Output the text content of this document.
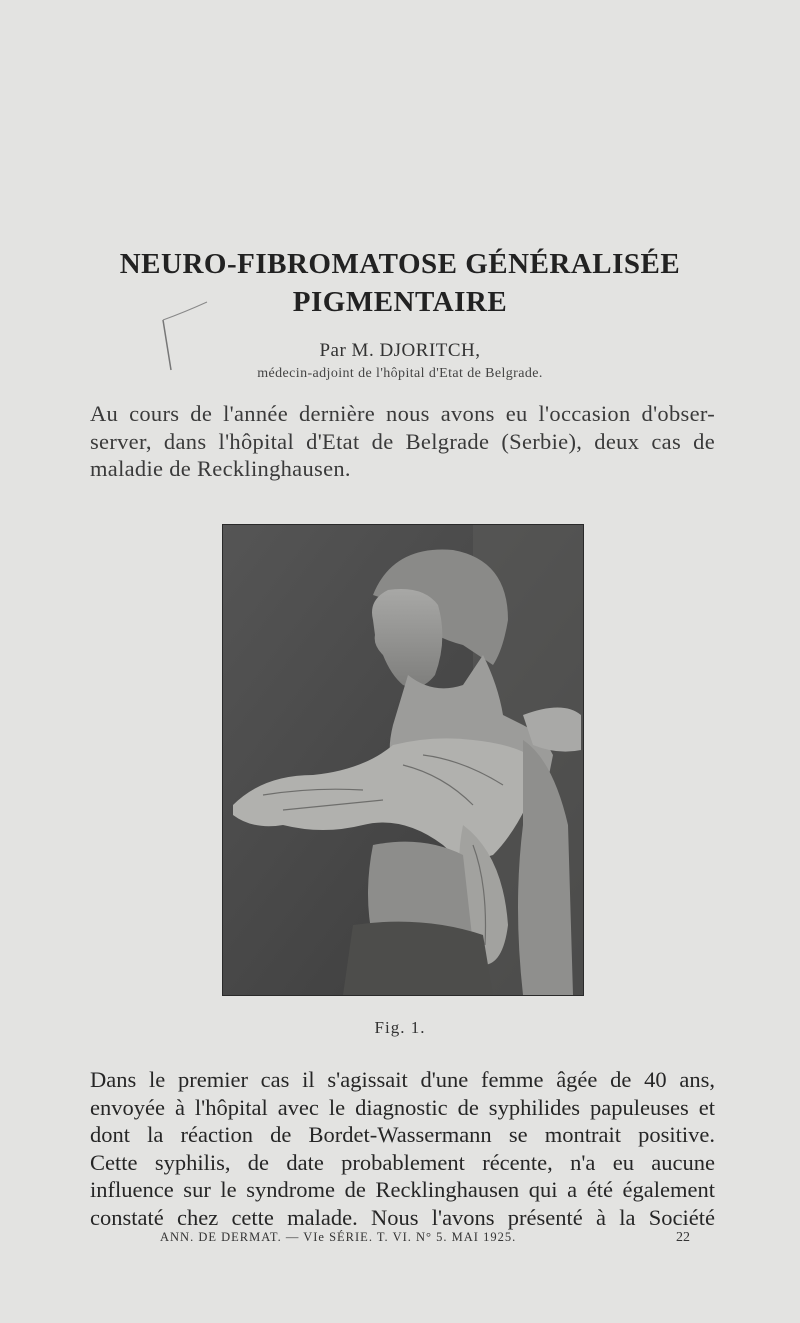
NEURO-FIBROMATOSE GÉNÉRALISÉE
PIGMENTAIRE
Par M. DJORITCH,
médecin-adjoint de l'hôpital d'Etat de Belgrade.
Au cours de l'année dernière nous avons eu l'occasion d'obser-
server, dans l'hôpital d'Etat de Belgrade (Serbie), deux cas de
maladie de Recklinghausen.
Fig. 1.
Dans le premier cas il s'agissait d'une femme âgée de 40 ans,
envoyée à l'hôpital avec le diagnostic de syphilides papuleuses et
dont la réaction de Bordet-Wassermann se montrait positive.
Cette syphilis, de date probablement récente, n'a eu aucune
influence sur le syndrome de Recklinghausen qui a été également
constaté chez cette malade. Nous l'avons présenté à la Société
ANN. DE DERMAT. — VIe SÉRIE. T. VI. N° 5. MAI 1925.	22
